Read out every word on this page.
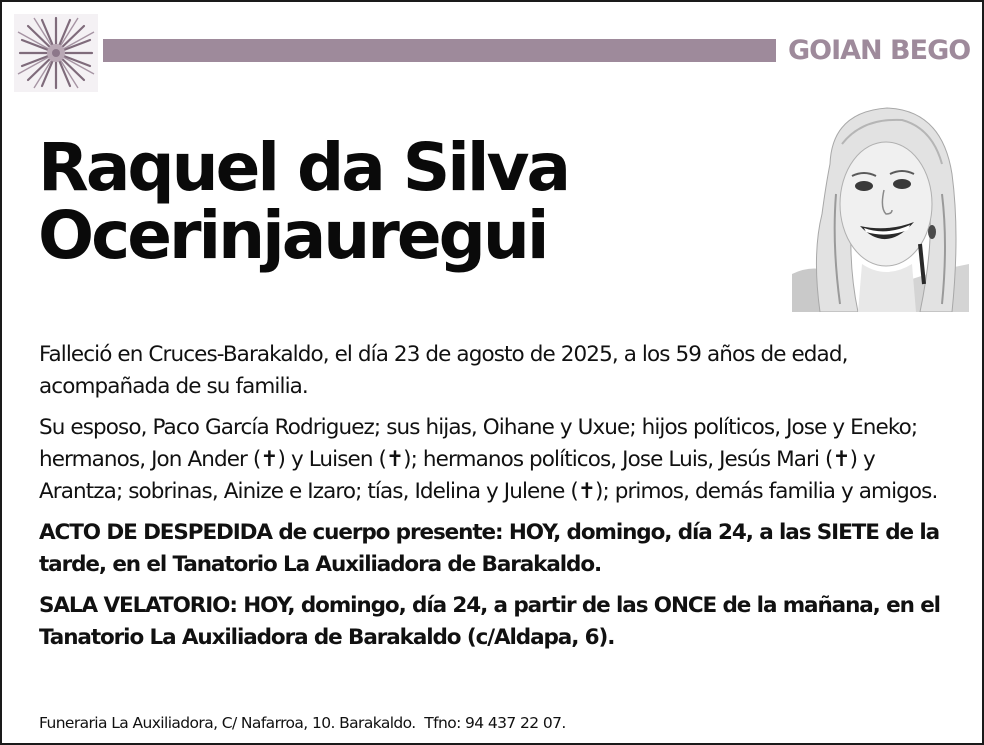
GOIAN BEGO
Raquel da Silva
Ocerinjauregui

Falleció en Cruces-Barakaldo, el día 23 de agosto de 2025, a los 59 años de edad, acompañada de su familia.

Su esposo, Paco García Rodriguez; sus hijas, Oihane y Uxue; hijos políticos, Jose y Eneko; hermanos, Jon Ander (✝) y Luisen (✝); hermanos políticos, Jose Luis, Jesús Mari (✝) y Arantza; sobrinas, Ainize e Izaro; tías, Idelina y Julene (✝); primos, demás familia y amigos.

ACTO DE DESPEDIDA de cuerpo presente: HOY, domingo, día 24, a las SIETE de la tarde, en el Tanatorio La Auxiliadora de Barakaldo.

SALA VELATORIO: HOY, domingo, día 24, a partir de las ONCE de la mañana, en el Tanatorio La Auxiliadora de Barakaldo (c/Aldapa, 6).

Funeraria La Auxiliadora, C/ Nafarroa, 10. Barakaldo.  Tfno: 94 437 22 07.
